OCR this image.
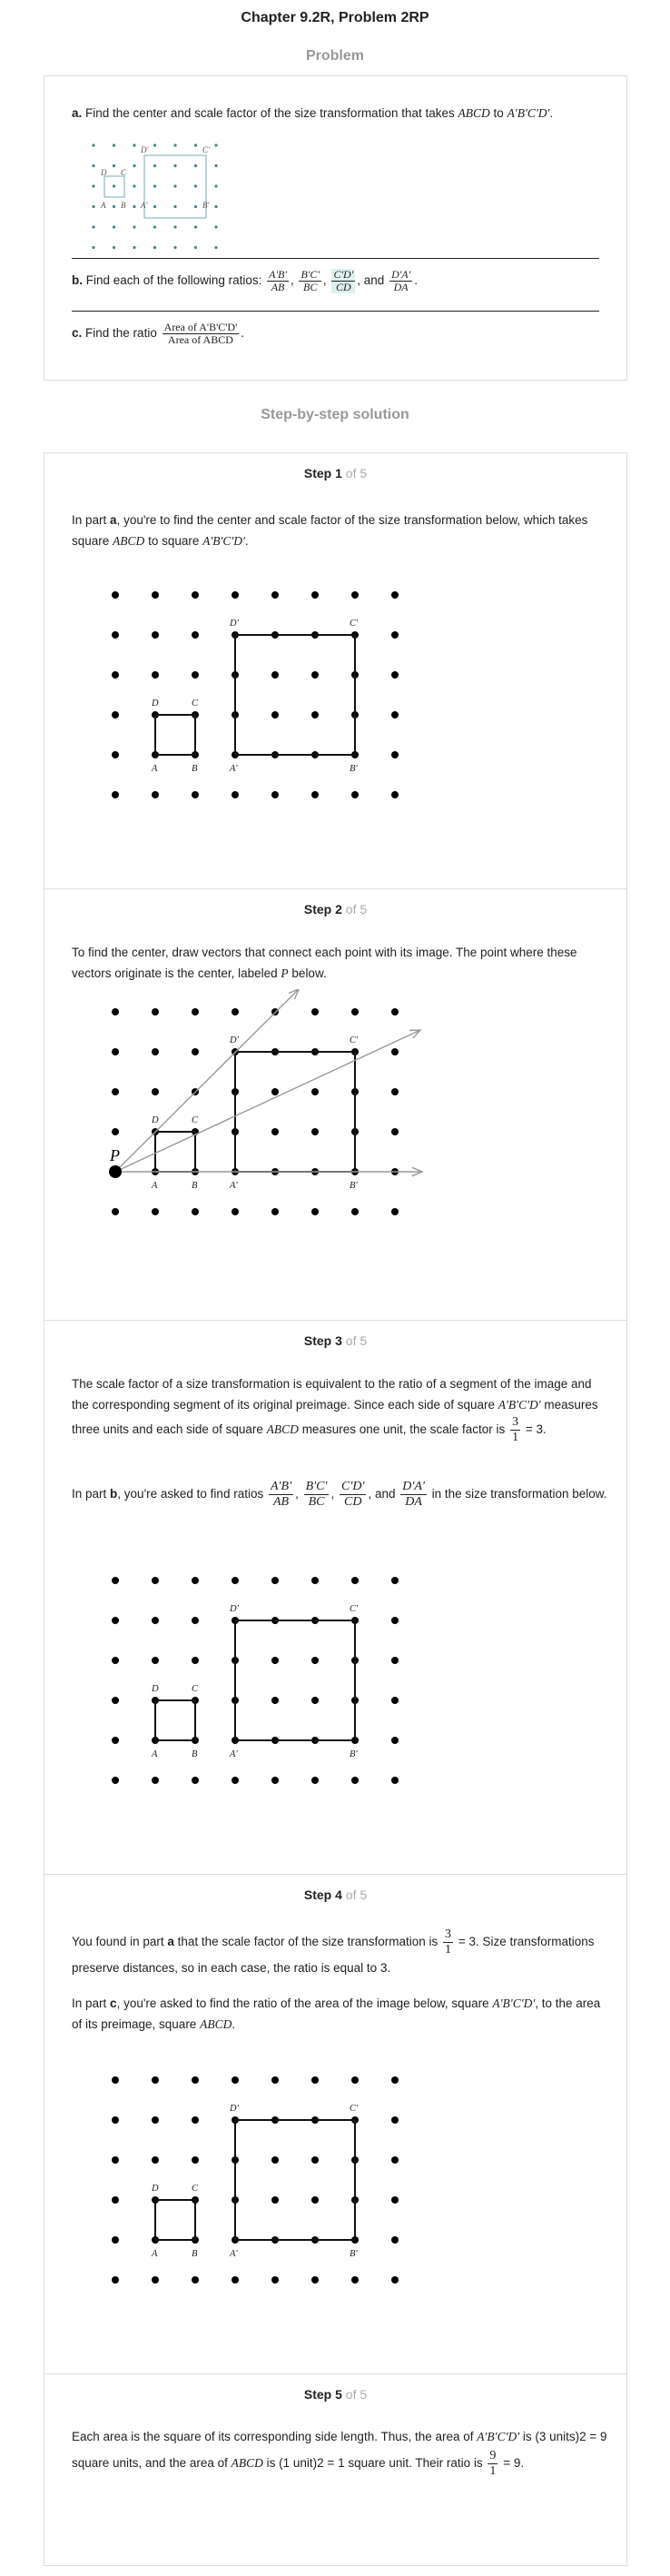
Chapter 9.2R, Problem 2RP
Problem
a. Find the center and scale factor of the size transformation that takes ABCD to A'B'C'D'.
D C
A B A'	B'
C'
D'
b. Find each of the following ratios: $\frac{A'B'}{AB}$ , $\frac{B'C'}{BC}$ , $\frac{C'D'}{CD}$ , and $\frac{D'A'}{DA}$ .
c. Find the ratio $\frac{\text{Area of A'B'C'D'}}{\text{Area of ABCD}}$ .
Step-by-step solution
Step 1 of 5
In part a, you're to find the center and scale factor of the size transformation below, which takes square ABCD to square A'B'C'D'.
D	C
A	B	A'	B'
C'
D'
Step 2 of 5
To find the center, draw vectors that connect each point with its image. The point where these vectors originate is the center, labeled P below.
P
D	C
A	B	A'	B'
C'
D'
Step 3 of 5
The scale factor of a size transformation is equivalent to the ratio of a segment of the image and the corresponding segment of its original preimage. Since each side of square A'B'C'D' measures three units and each side of square ABCD measures one unit, the scale factor is $\frac{3}{1} = 3$.
In part b, you're asked to find ratios $\frac{A'B'}{AB}$ , $\frac{B'C'}{BC}$ , $\frac{C'D'}{CD}$ , and $\frac{D'A'}{DA}$ in the size transformation below.
D	C
A	B	A'	B'
C'
D'
Step 4 of 5
You found in part a that the scale factor of the size transformation is $\frac{3}{1} = 3$. Size transformations preserve distances, so in each case, the ratio is equal to 3.
In part c, you're asked to find the ratio of the area of the image below, square A'B'C'D', to the area of its preimage, square ABCD.
D	C
A	B	A'	B'
C'
D'
Step 5 of 5
Each area is the square of its corresponding side length. Thus, the area of A'B'C'D' is (3 units)2 = 9 square units, and the area of ABCD is (1 unit)2 = 1 square unit. Their ratio is $\frac{9}{1} = 9$.
